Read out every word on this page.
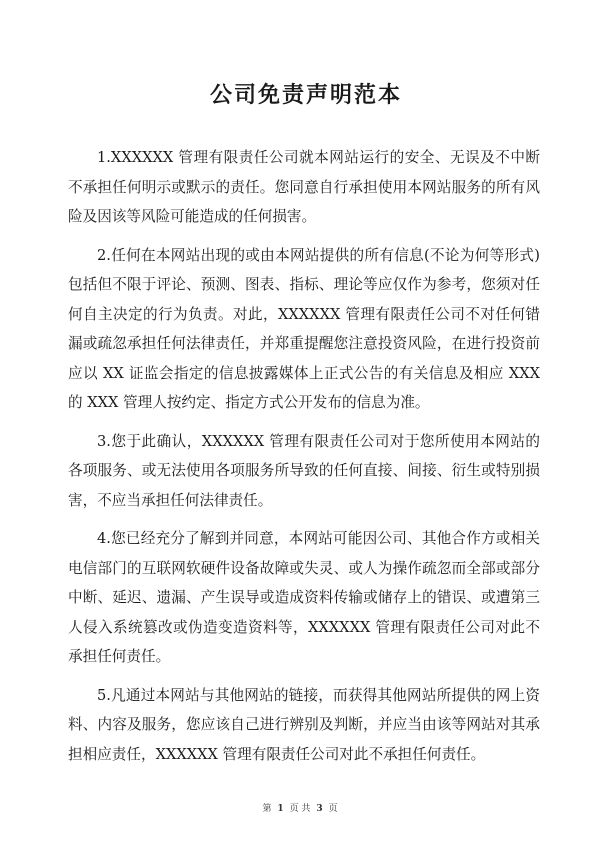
公司免责声明范本

1.XXXXXX 管理有限责任公司就本网站运行的安全、无误及不中断不承担任何明示或默示的责任。您同意自行承担使用本网站服务的所有风险及因该等风险可能造成的任何损害。

2.任何在本网站出现的或由本网站提供的所有信息(不论为何等形式)包括但不限于评论、预测、图表、指标、理论等应仅作为参考，您须对任何自主决定的行为负责。对此，XXXXXX 管理有限责任公司不对任何错漏或疏忽承担任何法律责任，并郑重提醒您注意投资风险，在进行投资前应以 XX 证监会指定的信息披露媒体上正式公告的有关信息及相应 XXX 的 XXX 管理人按约定、指定方式公开发布的信息为准。

3.您于此确认，XXXXXX 管理有限责任公司对于您所使用本网站的各项服务、或无法使用各项服务所导致的任何直接、间接、衍生或特别损害，不应当承担任何法律责任。

4.您已经充分了解到并同意，本网站可能因公司、其他合作方或相关电信部门的互联网软硬件设备故障或失灵、或人为操作疏忽而全部或部分中断、延迟、遗漏、产生误导或造成资料传输或储存上的错误、或遭第三人侵入系统篡改或伪造变造资料等，XXXXXX 管理有限责任公司对此不承担任何责任。

5.凡通过本网站与其他网站的链接，而获得其他网站所提供的网上资料、内容及服务，您应该自己进行辨别及判断，并应当由该等网站对其承担相应责任，XXXXXX 管理有限责任公司对此不承担任何责任。

第 1 页 共 3 页
